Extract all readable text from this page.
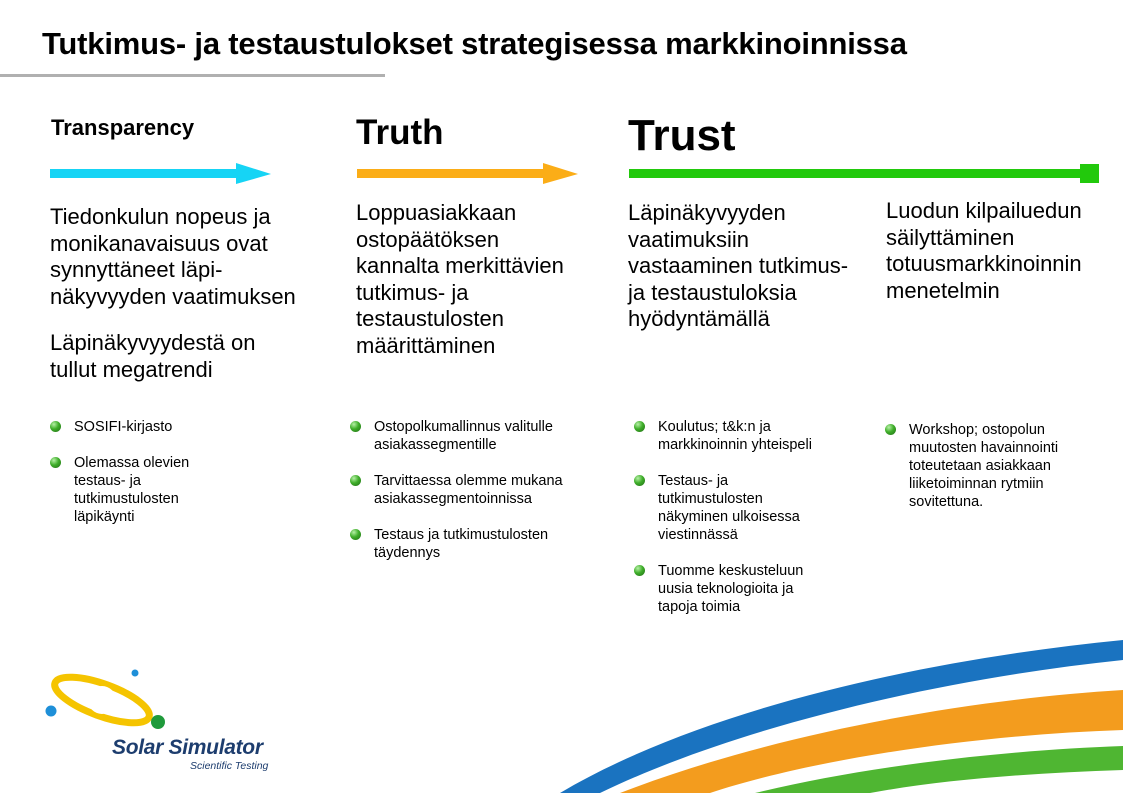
Tutkimus- ja testaustulokset strategisessa markkinoinnissa
Transparency
Tiedonkulun nopeus ja
monikanavaisuus ovat
synnyttäneet läpi-
näkyvyyden vaatimuksen
Läpinäkyvyydestä on
tullut megatrendi
SOSIFI-kirjasto
Olemassa olevien
testaus- ja
tutkimustulosten
läpikäynti
Truth
Loppuasiakkaan
ostopäätöksen
kannalta merkittävien
tutkimus- ja
testaustulosten
määrittäminen
Ostopolkumallinnus valitulle
asiakassegmentille
Tarvittaessa olemme mukana
asiakassegmentoinnissa
Testaus ja tutkimustulosten
täydennys
Trust
Läpinäkyvyyden
vaatimuksiin
vastaaminen tutkimus-
ja testaustuloksia
hyödyntämällä
Koulutus; t&k:n ja
markkinoinnin yhteispeli
Testaus- ja
tutkimustulosten
näkyminen ulkoisessa
viestinnässä
Tuomme keskusteluun
uusia teknologioita ja
tapoja toimia
Luodun kilpailuedun
säilyttäminen
totuusmarkkinoinnin
menetelmin
Workshop; ostopolun
muutosten havainnointi
toteutetaan asiakkaan
liiketoiminnan rytmiin
sovitettuna.
Solar Simulator
Scientific Testing
